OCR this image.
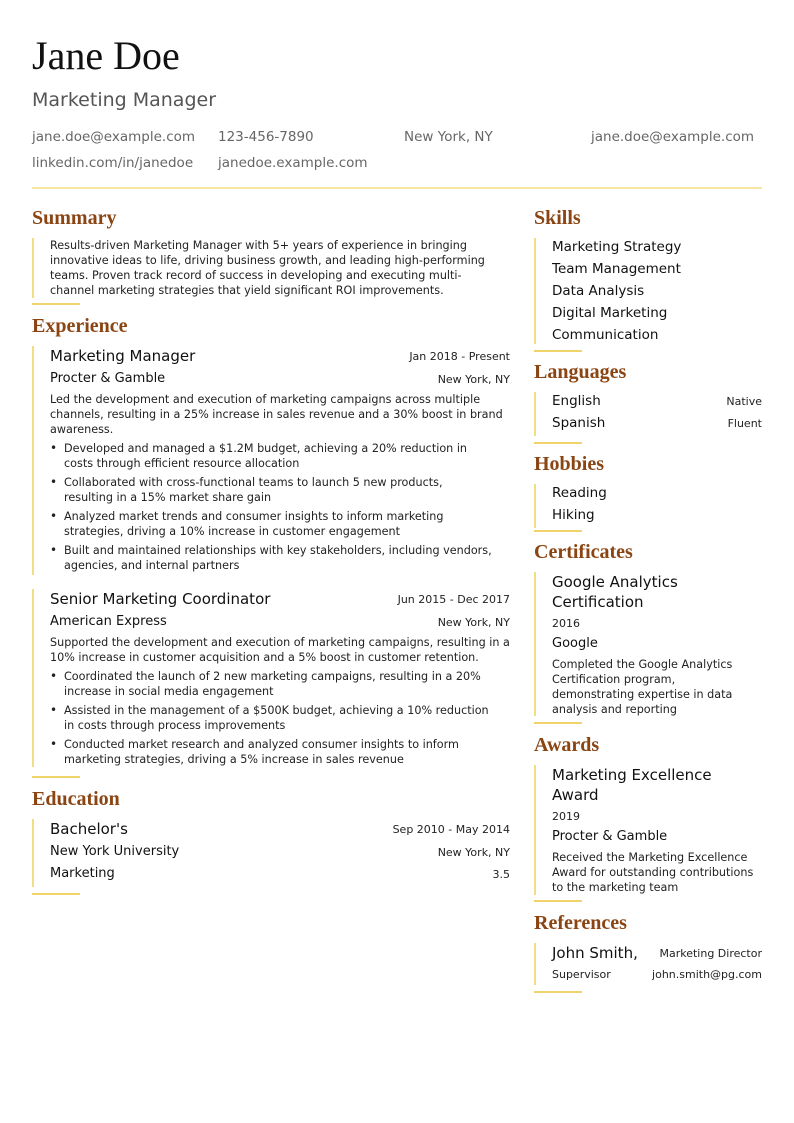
Jane Doe
Marketing Manager
jane.doe@example.com 123-456-7890	New York, NY	jane.doe@example.com
linkedin.com/in/janedoe janedoe.example.com
Summary
Results-driven Marketing Manager with 5+ years of experience in bringing innovative ideas to life, driving business growth, and leading high-performing teams. Proven track record of success in developing and executing multi-channel marketing strategies that yield significant ROI improvements.
Experience
Marketing Manager	Jan 2018 - Present
Procter & Gamble	New York, NY
Led the development and execution of marketing campaigns across multiple channels, resulting in a 25% increase in sales revenue and a 30% boost in brand awareness.
• Developed and managed a $1.2M budget, achieving a 20% reduction in costs through efficient resource allocation
• Collaborated with cross-functional teams to launch 5 new products, resulting in a 15% market share gain
• Analyzed market trends and consumer insights to inform marketing strategies, driving a 10% increase in customer engagement
• Built and maintained relationships with key stakeholders, including vendors, agencies, and internal partners
Senior Marketing Coordinator	Jun 2015 - Dec 2017
American Express	New York, NY
Supported the development and execution of marketing campaigns, resulting in a 10% increase in customer acquisition and a 5% boost in customer retention.
• Coordinated the launch of 2 new marketing campaigns, resulting in a 20% increase in social media engagement
• Assisted in the management of a $500K budget, achieving a 10% reduction in costs through process improvements
• Conducted market research and analyzed consumer insights to inform marketing strategies, driving a 5% increase in sales revenue
Education
Bachelor's	Sep 2010 - May 2014
New York University	New York, NY
Marketing	3.5
Skills
Marketing Strategy
Team Management
Data Analysis
Digital Marketing
Communication
Languages
English	Native
Spanish	Fluent
Hobbies
Reading
Hiking
Certificates
Google Analytics Certification
2016
Google
Completed the Google Analytics Certification program, demonstrating expertise in data analysis and reporting
Awards
Marketing Excellence Award
2019
Procter & Gamble
Received the Marketing Excellence Award for outstanding contributions to the marketing team
References
John Smith, Marketing Director
Supervisor	john.smith@pg.com
